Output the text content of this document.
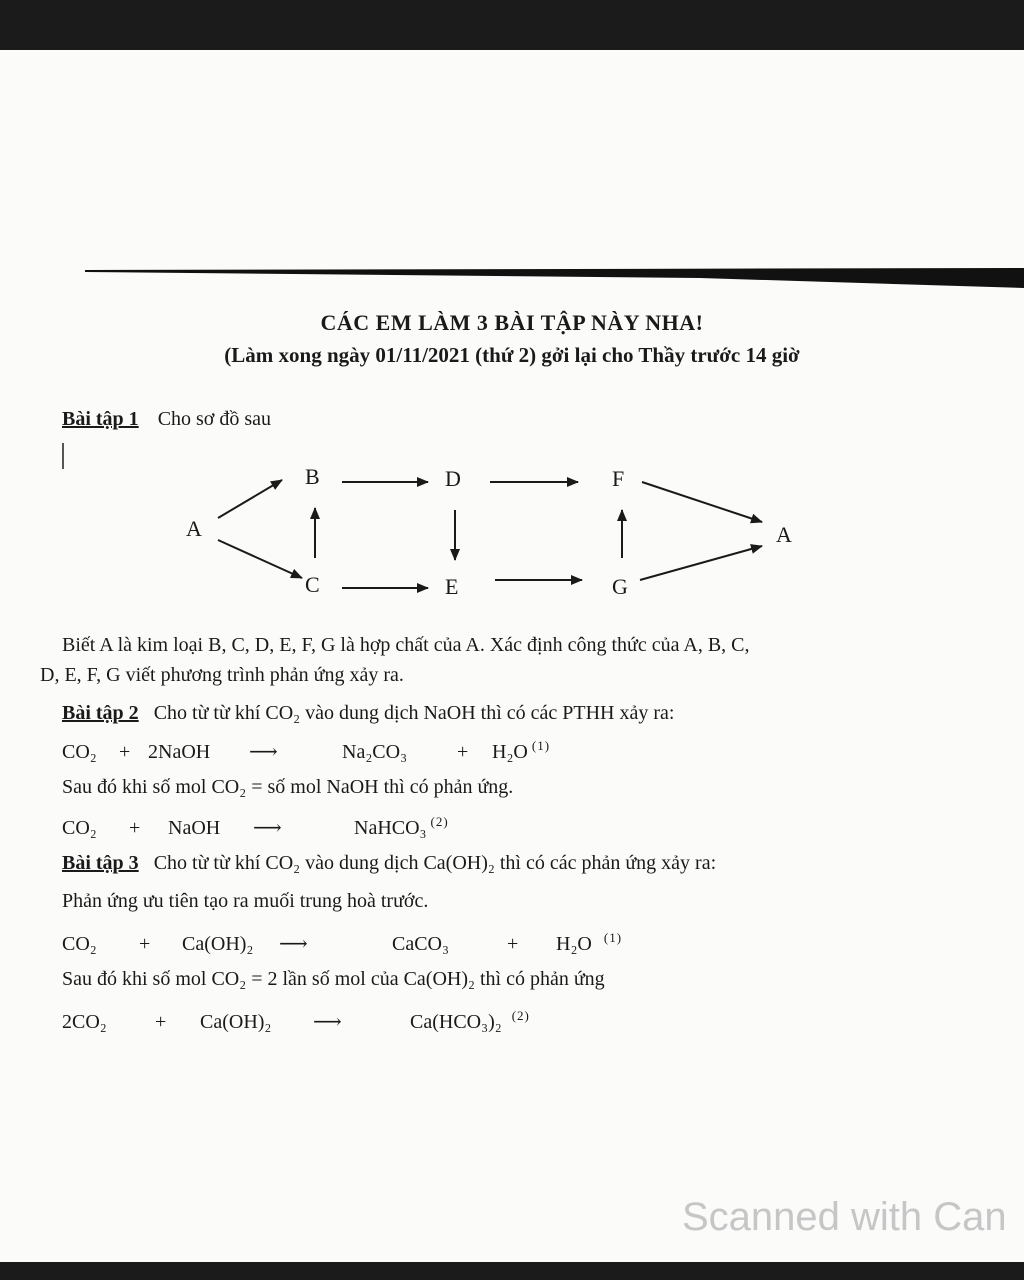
CÁC EM LÀM 3 BÀI TẬP NÀY NHA!
(Làm xong ngày 01/11/2021 (thứ 2) gởi lại cho Thầy trước 14 giờ
Bài tập 1 Cho sơ đồ sau
A
B
C
D
E
F
G
A
Biết A là kim loại B, C, D, E, F, G là hợp chất của A. Xác định công thức của A, B, C,
D, E, F, G viết phương trình phản ứng xảy ra.
Bài tập 2 Cho từ từ khí CO₂ vào dung dịch NaOH thì có các PTHH xảy ra:
CO₂ + 2NaOH ⟶	Na₂CO₃ + H₂O (1)
Sau đó khi số mol CO₂ = số mol NaOH thì có phản ứng.
CO₂ + NaOH ⟶	NaHCO₃ (2)
Bài tập 3 Cho từ từ khí CO₂ vào dung dịch Ca(OH)₂ thì có các phản ứng xảy ra:
Phản ứng ưu tiên tạo ra muối trung hoà trước.
CO₂ + Ca(OH)₂ ⟶	CaCO₃	+ H₂O (1)
Sau đó khi số mol CO₂ = 2 lần số mol của Ca(OH)₂ thì có phản ứng
2CO₂ + Ca(OH)₂ ⟶	Ca(HCO₃)₂ (2)
Scanned with Can
